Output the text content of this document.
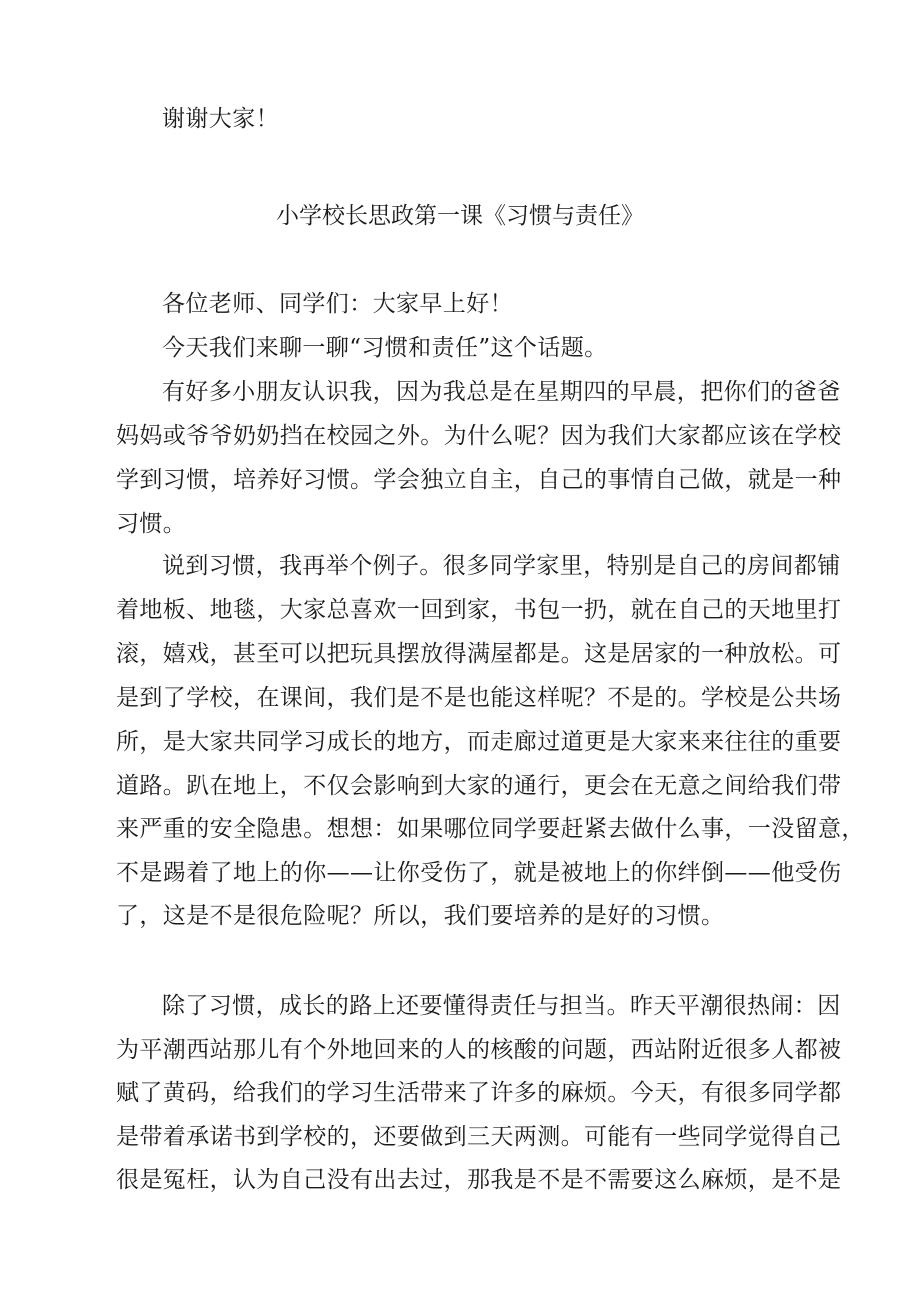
谢谢大家！
小学校长思政第一课《习惯与责任》
各位老师、同学们：大家早上好！
今天我们来聊一聊“习惯和责任”这个话题。
有好多小朋友认识我，因为我总是在星期四的早晨，把你们的爸爸
妈妈或爷爷奶奶挡在校园之外。为什么呢？因为我们大家都应该在学校
学到习惯，培养好习惯。学会独立自主，自己的事情自己做，就是一种
习惯。
说到习惯，我再举个例子。很多同学家里，特别是自己的房间都铺
着地板、地毯，大家总喜欢一回到家，书包一扔，就在自己的天地里打
滚，嬉戏，甚至可以把玩具摆放得满屋都是。这是居家的一种放松。可
是到了学校，在课间，我们是不是也能这样呢？不是的。学校是公共场
所，是大家共同学习成长的地方，而走廊过道更是大家来来往往的重要
道路。趴在地上，不仅会影响到大家的通行，更会在无意之间给我们带
来严重的安全隐患。想想：如果哪位同学要赶紧去做什么事，一没留意，
不是踢着了地上的你——让你受伤了，就是被地上的你绊倒——他受伤
了，这是不是很危险呢？所以，我们要培养的是好的习惯。
除了习惯，成长的路上还要懂得责任与担当。昨天平潮很热闹：因
为平潮西站那儿有个外地回来的人的核酸的问题，西站附近很多人都被
赋了黄码，给我们的学习生活带来了许多的麻烦。今天，有很多同学都
是带着承诺书到学校的，还要做到三天两测。可能有一些同学觉得自己
很是冤枉，认为自己没有出去过，那我是不是不需要这么麻烦，是不是
